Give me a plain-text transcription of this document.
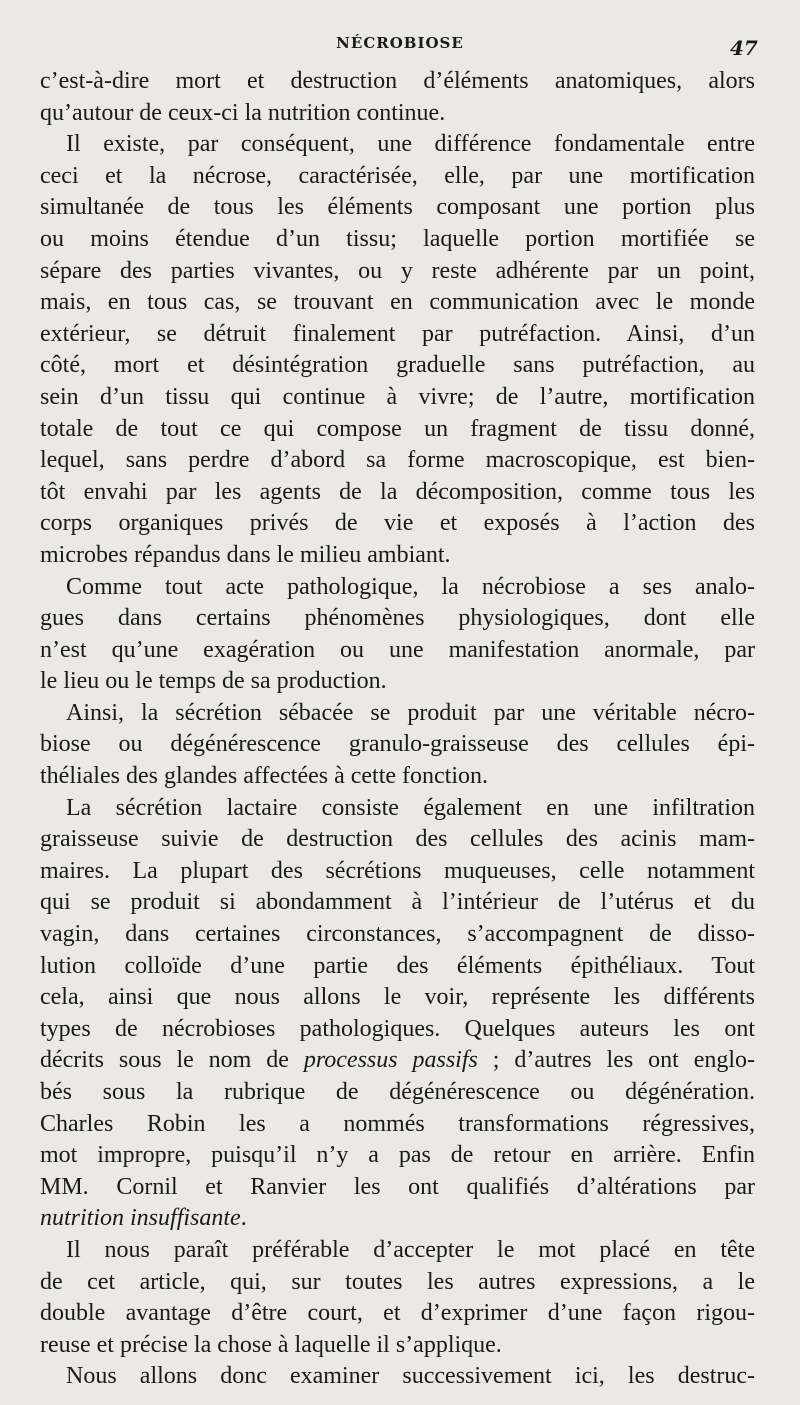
NÉCROBIOSE	47
c’est-à-dire mort et destruction d’éléments anatomiques, alors
qu’autour de ceux-ci la nutrition continue.
Il existe, par conséquent, une différence fondamentale entre
ceci et la nécrose, caractérisée, elle, par une mortification
simultanée de tous les éléments composant une portion plus
ou moins étendue d’un tissu; laquelle portion mortifiée se
sépare des parties vivantes, ou y reste adhérente par un point,
mais, en tous cas, se trouvant en communication avec le monde
extérieur, se détruit finalement par putréfaction. Ainsi, d’un
côté, mort et désintégration graduelle sans putréfaction, au
sein d’un tissu qui continue à vivre; de l’autre, mortification
totale de tout ce qui compose un fragment de tissu donné,
lequel, sans perdre d’abord sa forme macroscopique, est bien-
tôt envahi par les agents de la décomposition, comme tous les
corps organiques privés de vie et exposés à l’action des
microbes répandus dans le milieu ambiant.
Comme tout acte pathologique, la nécrobiose a ses analo-
gues dans certains phénomènes physiologiques, dont elle
n’est qu’une exagération ou une manifestation anormale, par
le lieu ou le temps de sa production.
Ainsi, la sécrétion sébacée se produit par une véritable nécro-
biose ou dégénérescence granulo-graisseuse des cellules épi-
théliales des glandes affectées à cette fonction.
La sécrétion lactaire consiste également en une infiltration
graisseuse suivie de destruction des cellules des acinis mam-
maires. La plupart des sécrétions muqueuses, celle notamment
qui se produit si abondamment à l’intérieur de l’utérus et du
vagin, dans certaines circonstances, s’accompagnent de disso-
lution colloïde d’une partie des éléments épithéliaux. Tout
cela, ainsi que nous allons le voir, représente les différents
types de nécrobioses pathologiques. Quelques auteurs les ont
décrits sous le nom de processus passifs ; d’autres les ont englo-
bés sous la rubrique de dégénérescence ou dégénération.
Charles Robin les a nommés transformations régressives,
mot impropre, puisqu’il n’y a pas de retour en arrière. Enfin
MM. Cornil et Ranvier les ont qualifiés d’altérations par
nutrition insuffisante.
Il nous paraît préférable d’accepter le mot placé en tête
de cet article, qui, sur toutes les autres expressions, a le
double avantage d’être court, et d’exprimer d’une façon rigou-
reuse et précise la chose à laquelle il s’applique.
Nous allons donc examiner successivement ici, les destruc-
